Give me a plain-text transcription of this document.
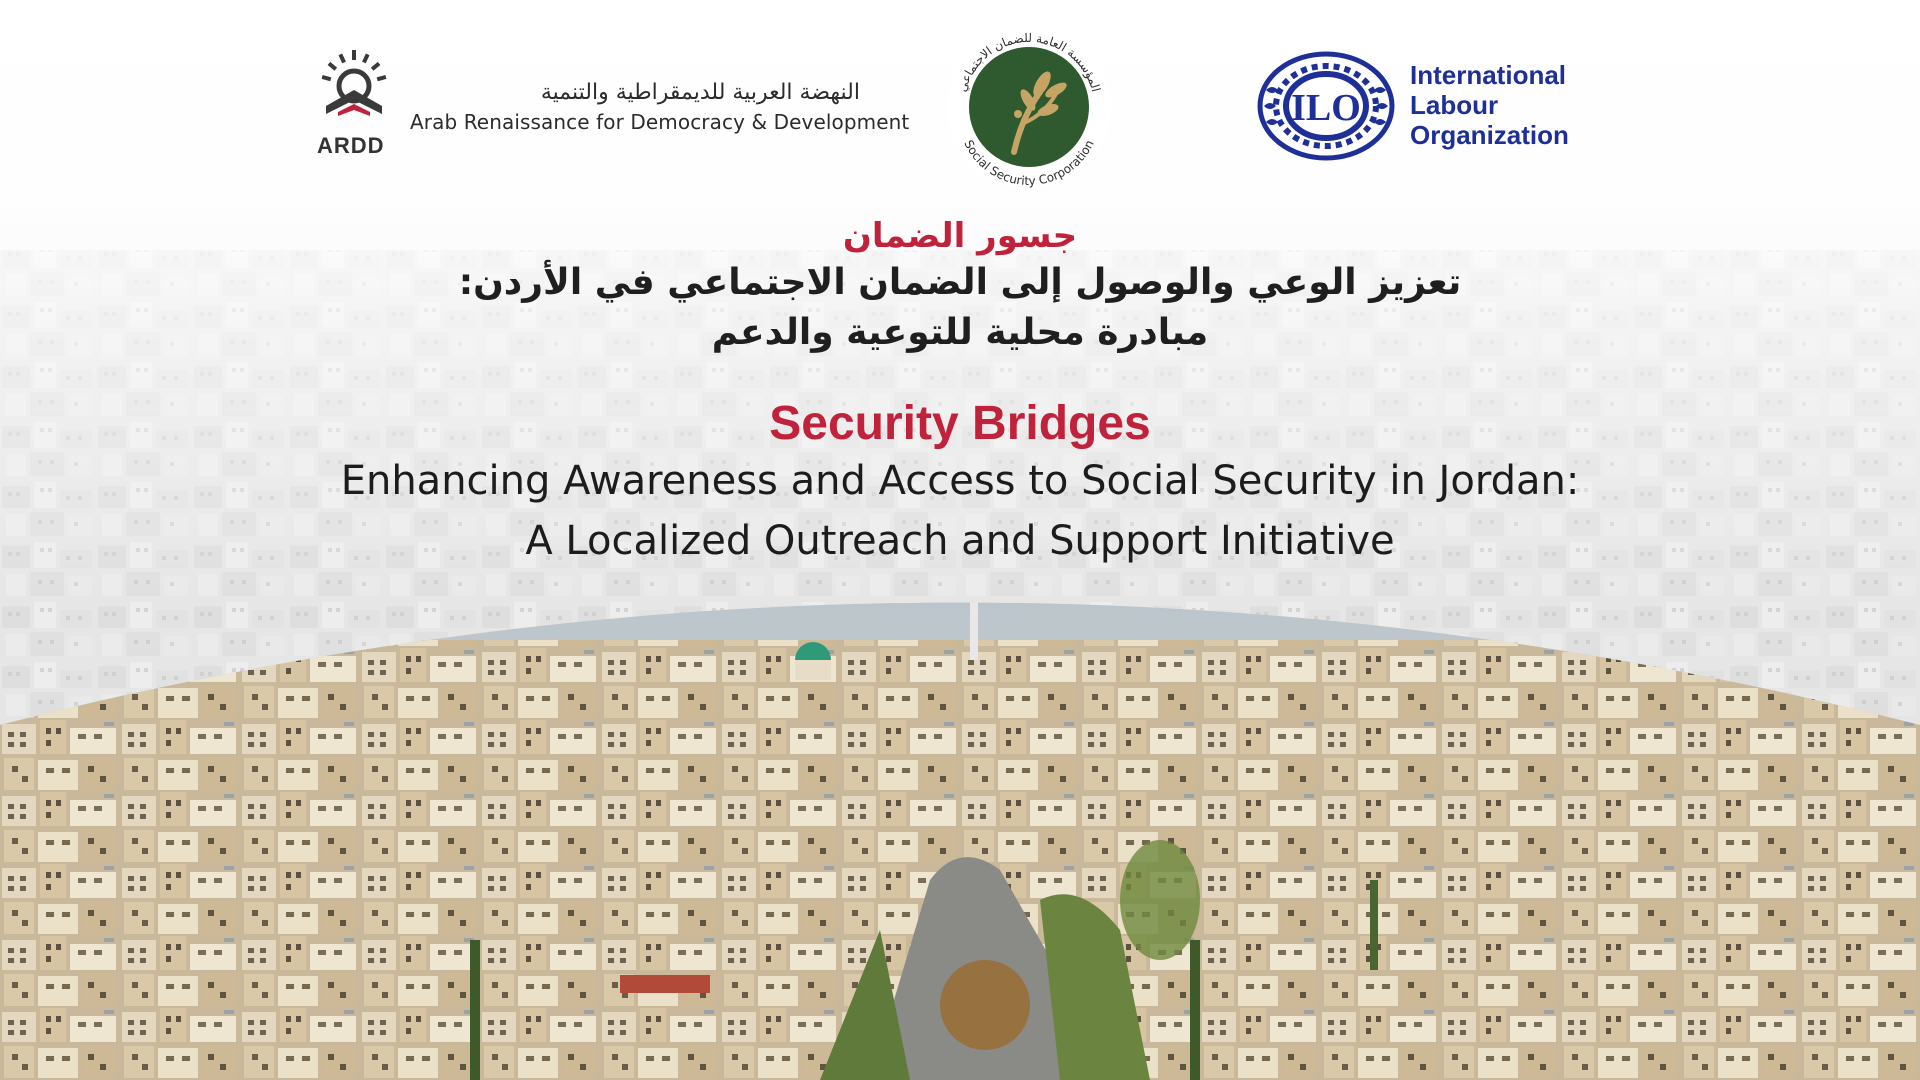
ARDD
النهضة العربية للديمقراطية والتنمية
Arab Renaissance for Democracy & Development
المؤسسة العامة للضمان الاجتماعي
Social Security Corporation
ILO
International
Labour
Organization
جسور الضمان
تعزيز الوعي والوصول إلى الضمان الاجتماعي في الأردن:
مبادرة محلية للتوعية والدعم
Security Bridges
Enhancing Awareness and Access to Social Security in Jordan:
A Localized Outreach and Support Initiative
